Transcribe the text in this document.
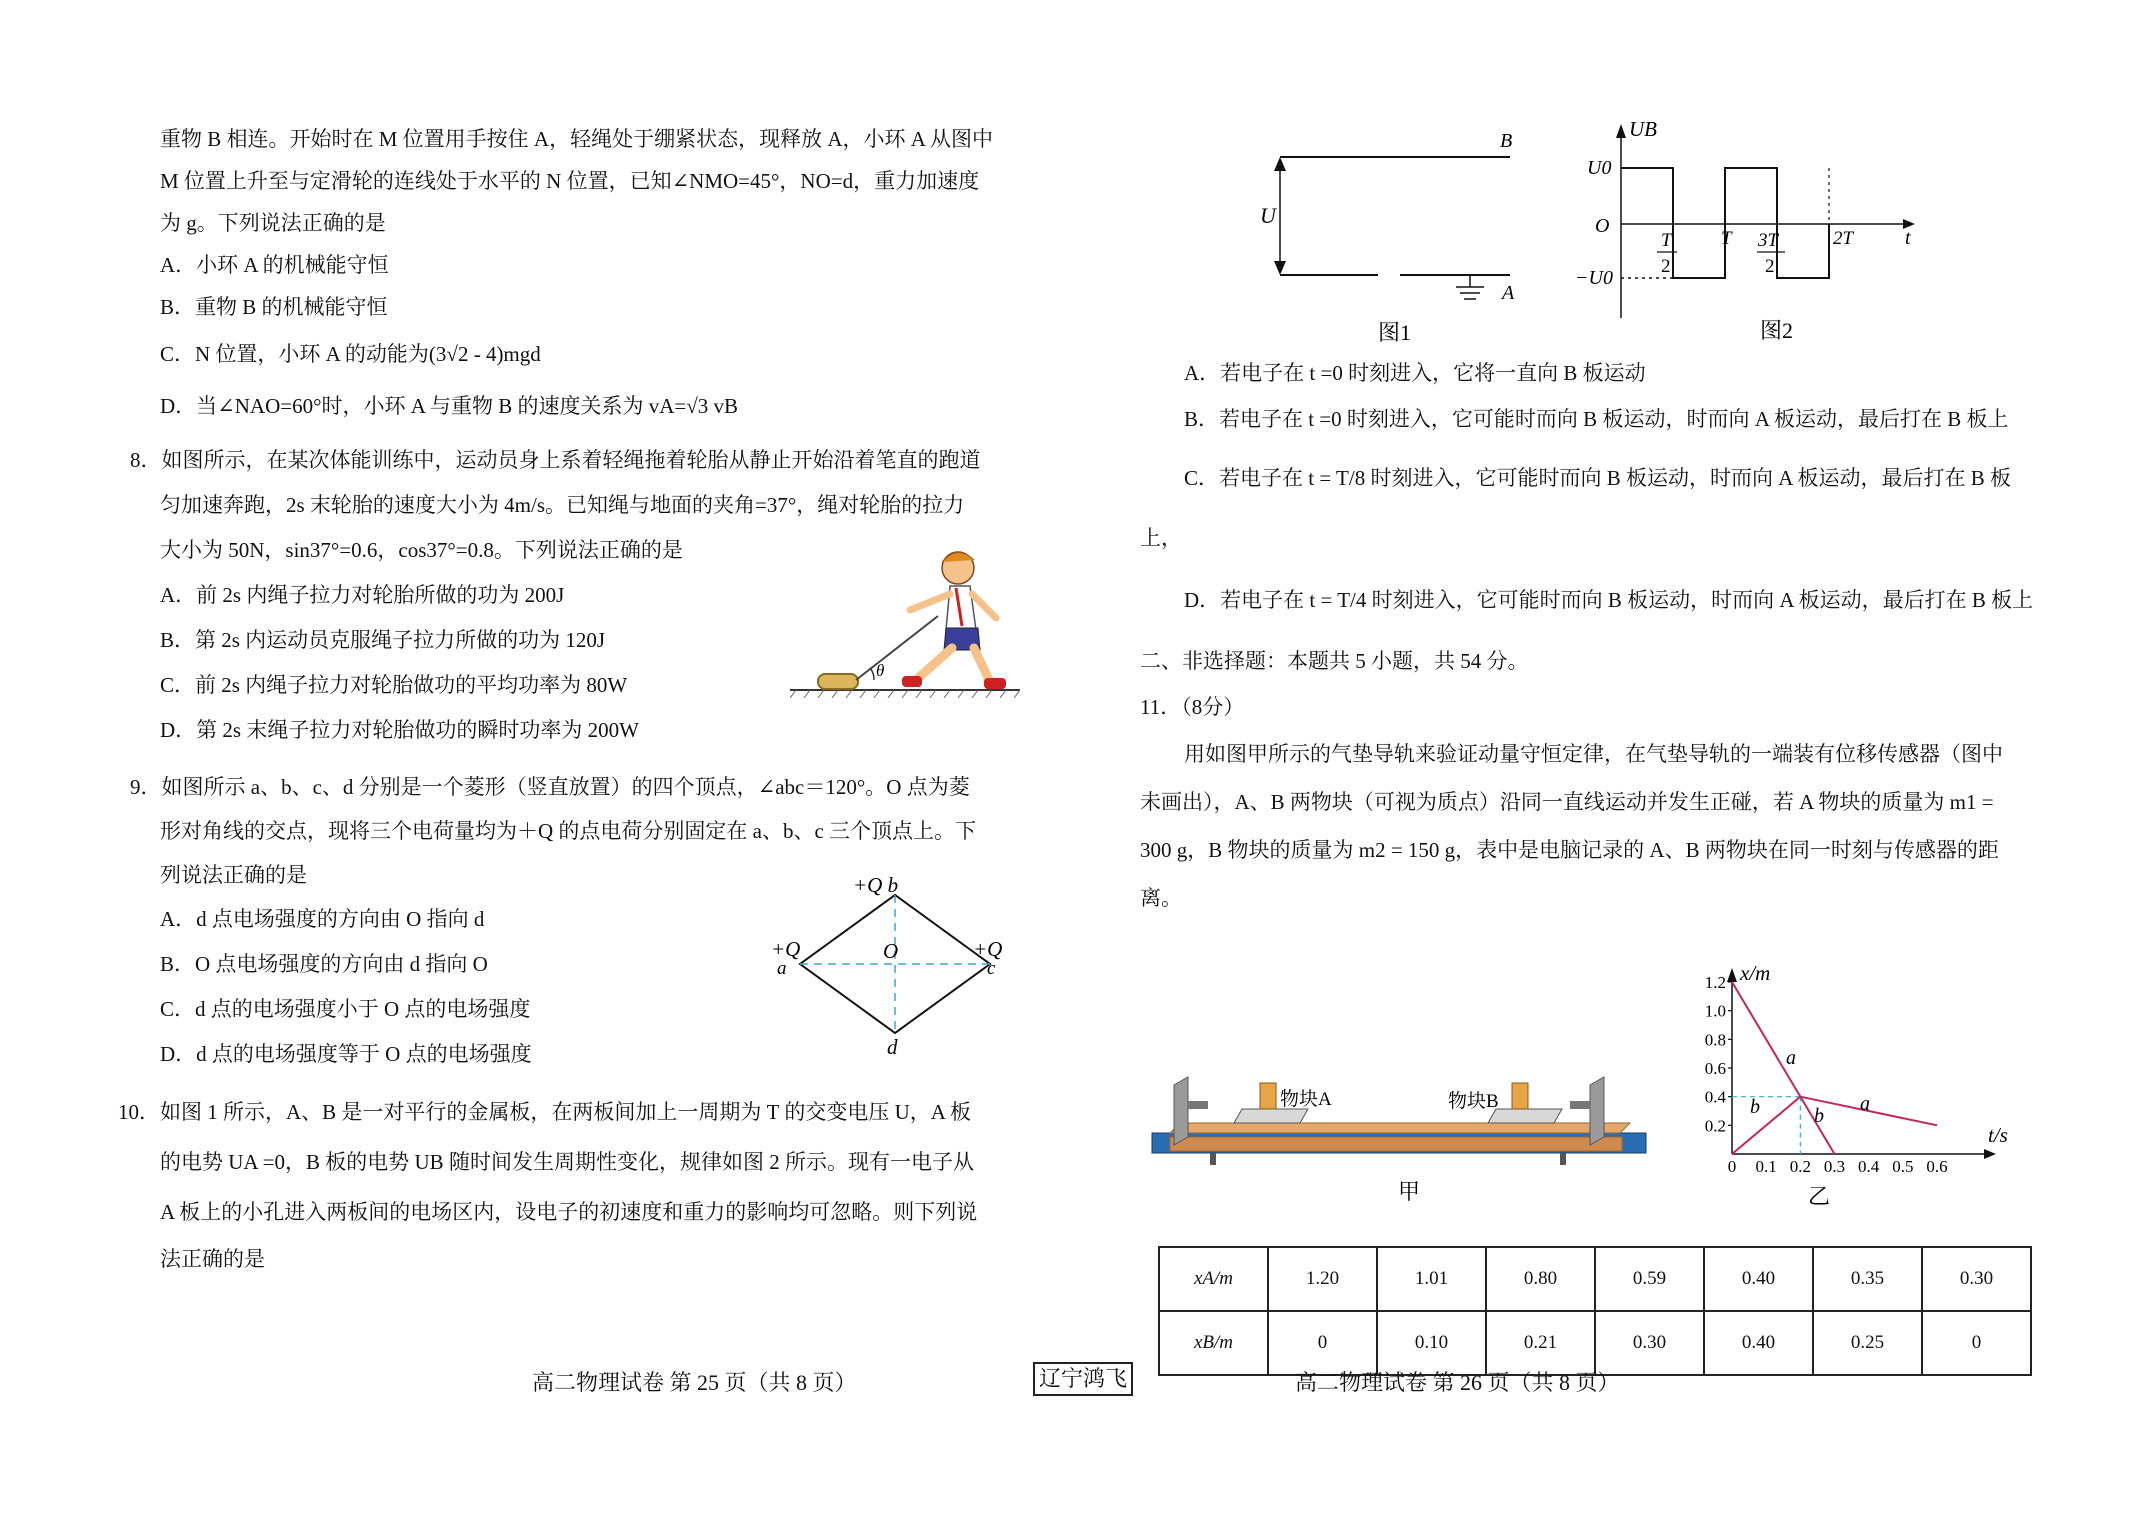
重物 B 相连。开始时在 M 位置用手按住 A，轻绳处于绷紧状态，现释放 A，小环 A 从图中

M 位置上升至与定滑轮的连线处于水平的 N 位置，已知∠NMO=45°，NO=d，重力加速度

为 g。下列说法正确的是

A．小环 A 的机械能守恒

B．重物 B 的机械能守恒

C．N 位置，小环 A 的动能为(3√2 - 4)mgd

D．当∠NAO=60°时，小环 A 与重物 B 的速度关系为 vA=√3 vB

8．如图所示，在某次体能训练中，运动员身上系着轻绳拖着轮胎从静止开始沿着笔直的跑道

匀加速奔跑，2s 末轮胎的速度大小为 4m/s。已知绳与地面的夹角=37°，绳对轮胎的拉力

大小为 50N，sin37°=0.6，cos37°=0.8。下列说法正确的是

A．前 2s 内绳子拉力对轮胎所做的功为 200J

B．第 2s 内运动员克服绳子拉力所做的功为 120J

C．前 2s 内绳子拉力对轮胎做功的平均功率为 80W

D．第 2s 末绳子拉力对轮胎做功的瞬时功率为 200W

9．如图所示 a、b、c、d 分别是一个菱形（竖直放置）的四个顶点，∠abc＝120°。O 点为菱

形对角线的交点，现将三个电荷量均为＋Q 的点电荷分别固定在 a、b、c 三个顶点上。下

列说法正确的是

A．d 点电场强度的方向由 O 指向 d

B．O 点电场强度的方向由 d 指向 O

C．d 点的电场强度小于 O 点的电场强度

D．d 点的电场强度等于 O 点的电场强度

10．如图 1 所示，A、B 是一对平行的金属板，在两板间加上一周期为 T 的交变电压 U，A 板

的电势 UA =0，B 板的电势 UB 随时间发生周期性变化，规律如图 2 所示。现有一电子从

A 板上的小孔进入两板间的电场区内，设电子的初速度和重力的影响均可忽略。则下列说

法正确的是

θ
+Q b
+Q
a
+Q
c
O
d
U
B
A
图1
UB
U0
O
−U0
t
T
2
T 3T
2
2T
图2

A．若电子在 t =0 时刻进入，它将一直向 B 板运动

B．若电子在 t =0 时刻进入，它可能时而向 B 板运动，时而向 A 板运动，最后打在 B 板上

C．若电子在 t = T/8 时刻进入，它可能时而向 B 板运动，时而向 A 板运动，最后打在 B 板

上，

D．若电子在 t = T/4 时刻进入，它可能时而向 B 板运动，时而向 A 板运动，最后打在 B 板上

二、非选择题：本题共 5 小题，共 54 分。

11．（8分）

用如图甲所示的气垫导轨来验证动量守恒定律，在气垫导轨的一端装有位移传感器（图中

未画出），A、B 两物块（可视为质点）沿同一直线运动并发生正碰，若 A 物块的质量为 m1 =

300 g，B 物块的质量为 m2 = 150 g，表中是电脑记录的 A、B 两物块在同一时刻与传感器的距

离。

物块A	物块B
甲
x/m
t/s
0.2
0.4
0.6
0.8
1.0
1.2
0 0.1 0.2 0.3 0.4 0.5 0.6
a
b	b
a
乙
xA/m	1.20	1.01	0.80	0.59	0.40	0.35	0.30
xB/m	0	0.10	0.21	0.30	0.40	0.25	0
高二物理试卷 第 25 页（共 8 页）	辽宁鸿飞	高二物理试卷 第 26 页（共 8 页）
